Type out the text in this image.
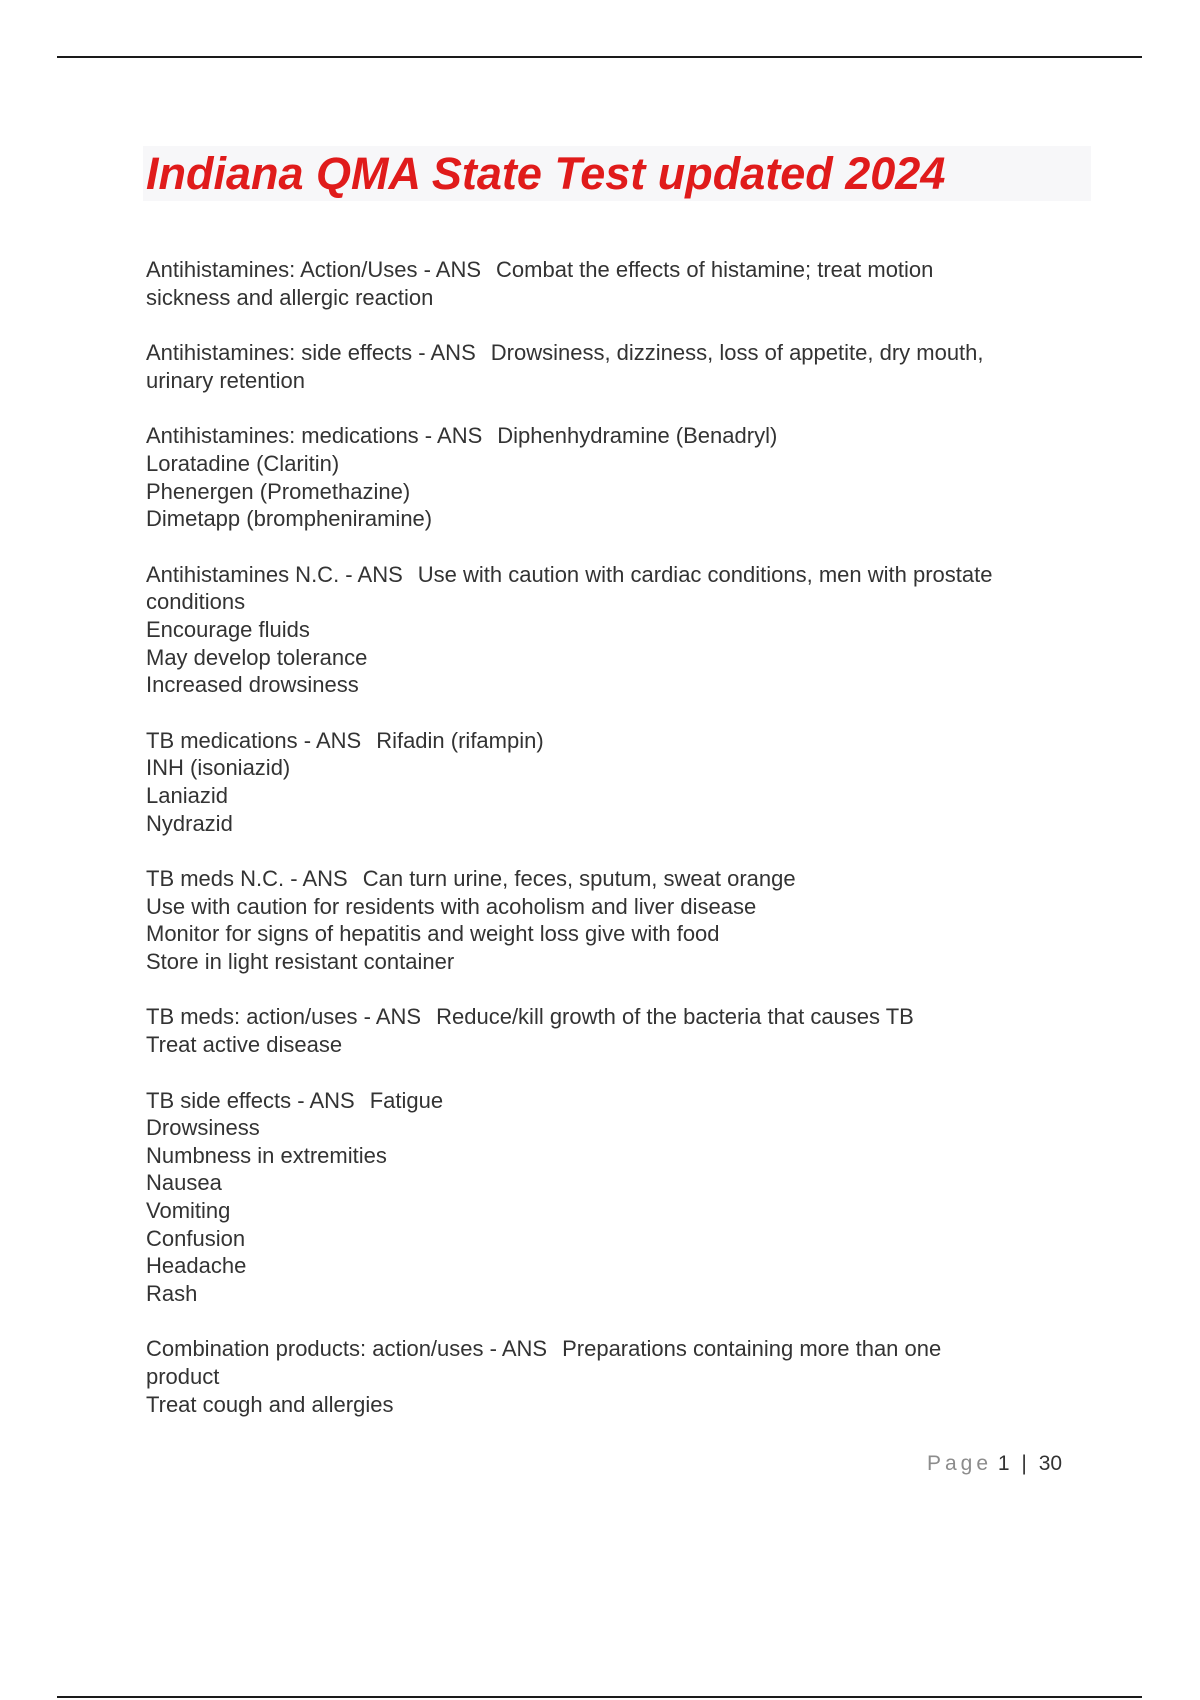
Indiana QMA State Test updated 2024

Antihistamines: Action/Uses - ANS Combat the effects of histamine; treat motion
sickness and allergic reaction

Antihistamines: side effects - ANS Drowsiness, dizziness, loss of appetite, dry mouth,
urinary retention

Antihistamines: medications - ANS Diphenhydramine (Benadryl)
Loratadine (Claritin)
Phenergen (Promethazine)
Dimetapp (brompheniramine)

Antihistamines N.C. - ANS Use with caution with cardiac conditions, men with prostate
conditions
Encourage fluids
May develop tolerance
Increased drowsiness

TB medications - ANS Rifadin (rifampin)
INH (isoniazid)
Laniazid
Nydrazid

TB meds N.C. - ANS Can turn urine, feces, sputum, sweat orange
Use with caution for residents with acoholism and liver disease
Monitor for signs of hepatitis and weight loss give with food
Store in light resistant container

TB meds: action/uses - ANS Reduce/kill growth of the bacteria that causes TB
Treat active disease

TB side effects - ANS Fatigue
Drowsiness
Numbness in extremities
Nausea
Vomiting
Confusion
Headache
Rash

Combination products: action/uses - ANS Preparations containing more than one
product
Treat cough and allergies

Page 1 | 30
